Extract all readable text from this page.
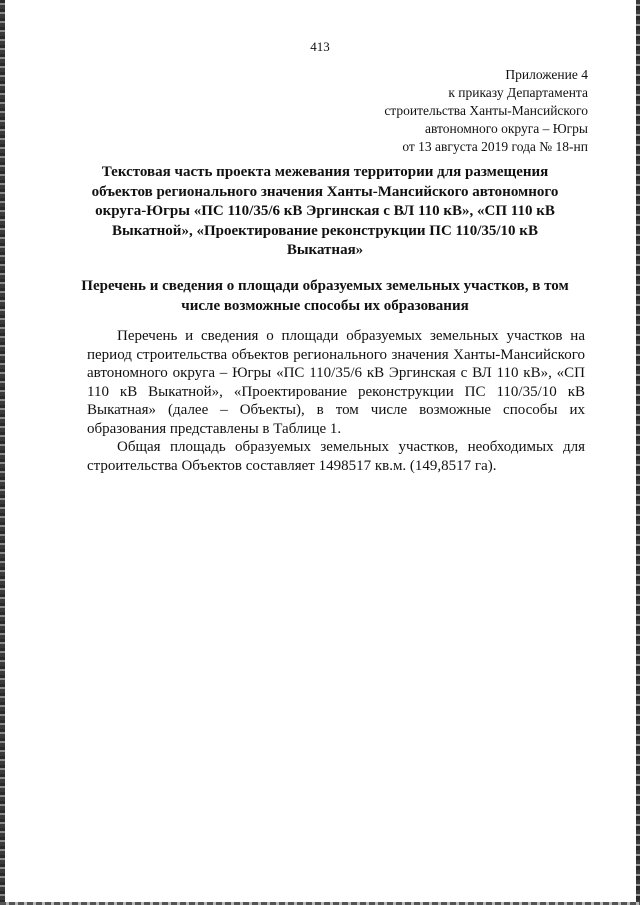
413
Приложение 4
к приказу Департамента
строительства Ханты-Мансийского
автономного округа – Югры
от 13 августа 2019 года № 18-нп
Текстовая часть проекта межевания территории для размещения объектов регионального значения Ханты-Мансийского автономного округа-Югры «ПС 110/35/6 кВ Эргинская с ВЛ 110 кВ», «СП 110 кВ Выкатной», «Проектирование реконструкции ПС 110/35/10 кВ Выкатная»
Перечень и сведения о площади образуемых земельных участков, в том числе возможные способы их образования

Перечень и сведения о площади образуемых земельных участков на период строительства объектов регионального значения Ханты-Мансийского автономного округа – Югры «ПС 110/35/6 кВ Эргинская с ВЛ 110 кВ», «СП 110 кВ Выкатной», «Проектирование реконструкции ПС 110/35/10 кВ Выкатная» (далее – Объекты), в том числе возможные способы их образования представлены в Таблице 1.

Общая площадь образуемых земельных участков, необходимых для строительства Объектов составляет 1498517 кв.м. (149,8517 га).
